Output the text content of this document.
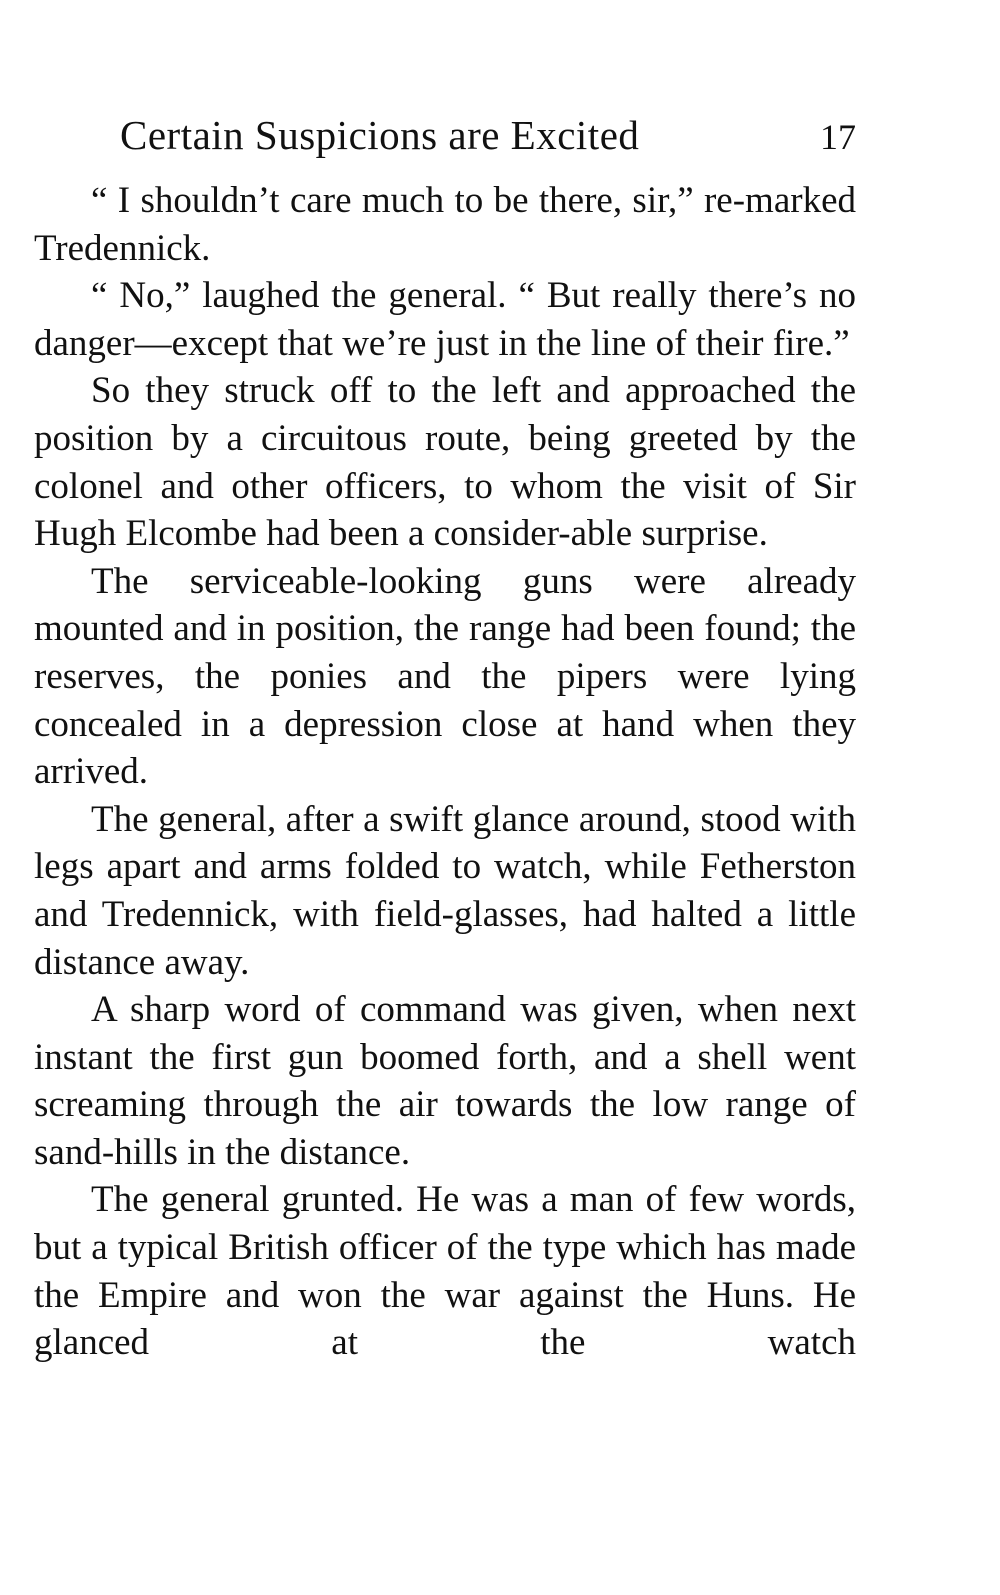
Certain Suspicions are Excited	17

“ I shouldn’t care much to be there, sir,” re-marked Tredennick.

“ No,” laughed the general. “ But really there’s no danger—except that we’re just in the line of their fire.”

So they struck off to the left and approached the position by a circuitous route, being greeted by the colonel and other officers, to whom the visit of Sir Hugh Elcombe had been a consider-able surprise.

The serviceable-looking guns were already mounted and in position, the range had been found; the reserves, the ponies and the pipers were lying concealed in a depression close at hand when they arrived.

The general, after a swift glance around, stood with legs apart and arms folded to watch, while Fetherston and Tredennick, with field-glasses, had halted a little distance away.

A sharp word of command was given, when next instant the first gun boomed forth, and a shell went screaming through the air towards the low range of sand-hills in the distance.

The general grunted. He was a man of few words, but a typical British officer of the type which has made the Empire and won the war against the Huns. He glanced at the watch
